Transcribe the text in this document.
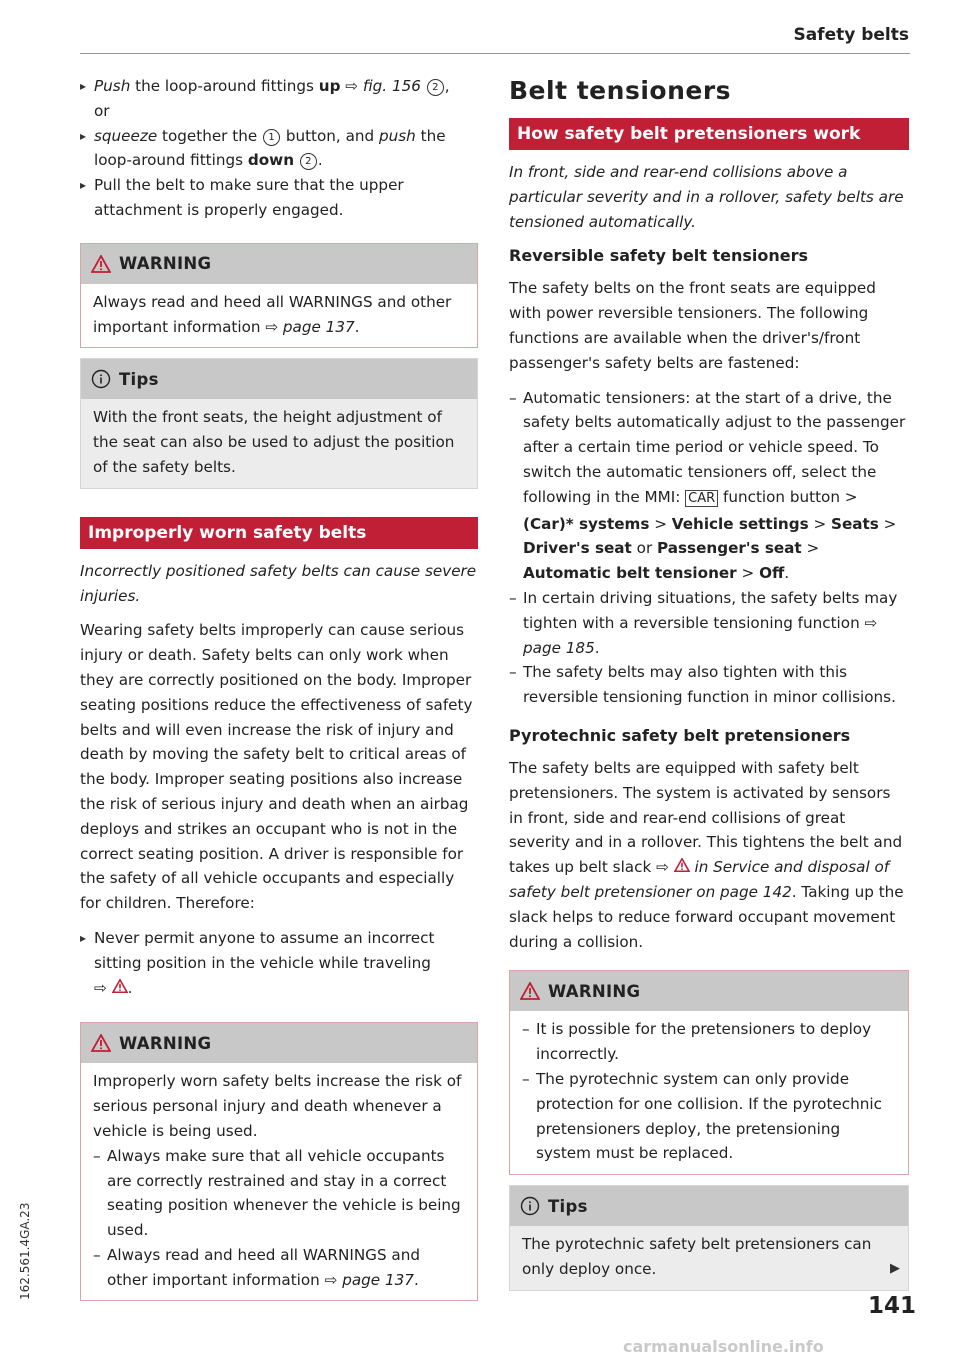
Safety belts
▸ Push the loop-around fittings up ⇨ fig. 156 2 ,
or
▸ squeeze together the 1 button, and push the loop-around fittings down 2 .
▸ Pull the belt to make sure that the upper attachment is properly engaged.
WARNING

Always read and heed all WARNINGS and other important information ⇨ page 137.

Tips

With the front seats, the height adjustment of the seat can also be used to adjust the position of the safety belts.

Improperly worn safety belts

Incorrectly positioned safety belts can cause severe injuries.

Wearing safety belts improperly can cause serious injury or death. Safety belts can only work when they are correctly positioned on the body. Improper seating positions reduce the effectiveness of safety belts and will even increase the risk of injury and death by moving the safety belt to critical areas of the body. Improper seating positions also increase the risk of serious injury and death when an airbag deploys and strikes an occupant who is not in the correct seating position. A driver is responsible for the safety of all vehicle occupants and especially for children. Therefore:

▸ Never permit anyone to assume an incorrect sitting position in the vehicle while traveling
⇨ .
WARNING

Improperly worn safety belts increase the risk of serious personal injury and death whenever a vehicle is being used.

– Always make sure that all vehicle occupants are correctly restrained and stay in a correct seating position whenever the vehicle is being used.
– Always read and heed all WARNINGS and other important information ⇨ page 137.
Belt tensioners
How safety belt pretensioners work

In front, side and rear-end collisions above a particular severity and in a rollover, safety belts are tensioned automatically.

Reversible safety belt tensioners

The safety belts on the front seats are equipped with power reversible tensioners. The following functions are available when the driver's/front passenger's safety belts are fastened:

– Automatic tensioners: at the start of a drive, the safety belts automatically adjust to the passenger after a certain time period or vehicle speed. To switch the automatic tensioners off, select the following in the MMI: CAR function button > (Car)* systems > Vehicle settings > Seats > Driver's seat or Passenger's seat > Automatic belt tensioner > Off.
– In certain driving situations, the safety belts may tighten with a reversible tensioning function ⇨ page 185.
– The safety belts may also tighten with this reversible tensioning function in minor collisions.
Pyrotechnic safety belt pretensioners

The safety belts are equipped with safety belt pretensioners. The system is activated by sensors in front, side and rear-end collisions of great severity and in a rollover. This tightens the belt and takes up belt slack ⇨  in Service and disposal of safety belt pretensioner on page 142. Taking up the slack helps to reduce forward occupant movement during a collision.

WARNING
– It is possible for the pretensioners to deploy incorrectly.
– The pyrotechnic system can only provide protection for one collision. If the pyrotechnic pretensioners deploy, the pretensioning system must be replaced.
Tips

The pyrotechnic safety belt pretensioners can only deploy once.	▶
141
162.561.4GA.23
carmanualsonline.info
